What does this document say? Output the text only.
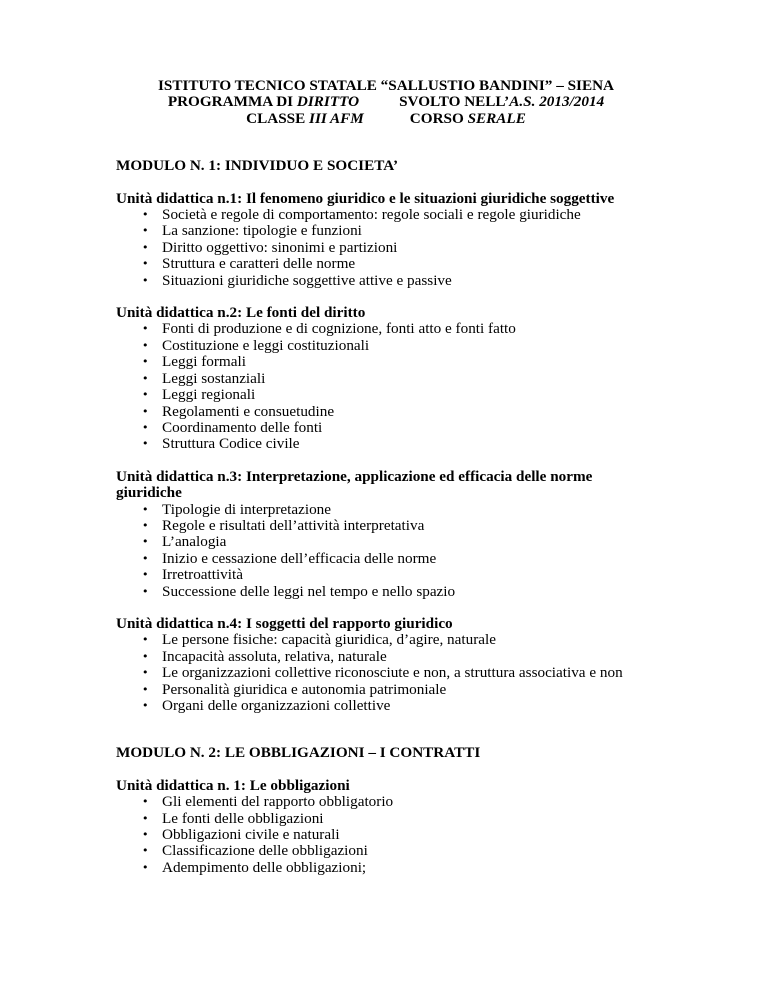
ISTITUTO TECNICO STATALE “SALLUSTIO BANDINI” – SIENA
PROGRAMMA DI DIRITTO	SVOLTO NELL’A.S. 2013/2014
CLASSE III AFM	CORSO SERALE

MODULO N. 1: INDIVIDUO E SOCIETA’

Unità didattica n.1: Il fenomeno giuridico e le situazioni giuridiche soggettive

• Società e regole di comportamento: regole sociali e regole giuridiche
• La sanzione: tipologie e funzioni
• Diritto oggettivo: sinonimi e partizioni
• Struttura e caratteri delle norme
• Situazioni giuridiche soggettive attive e passive

Unità didattica n.2: Le fonti del diritto

• Fonti di produzione e di cognizione, fonti atto e fonti fatto
• Costituzione e leggi costituzionali
• Leggi formali
• Leggi sostanziali
• Leggi regionali
• Regolamenti e consuetudine
• Coordinamento delle fonti
• Struttura Codice civile

Unità didattica n.3: Interpretazione, applicazione ed efficacia delle norme
giuridiche

• Tipologie di interpretazione
• Regole e risultati dell’attività interpretativa
• L’analogia
• Inizio e cessazione dell’efficacia delle norme
• Irretroattività
• Successione delle leggi nel tempo e nello spazio

Unità didattica n.4: I soggetti del rapporto giuridico

• Le persone fisiche: capacità giuridica, d’agire, naturale
• Incapacità assoluta, relativa, naturale
• Le organizzazioni collettive riconosciute e non, a struttura associativa e non
• Personalità giuridica e autonomia patrimoniale
• Organi delle organizzazioni collettive

MODULO N. 2: LE OBBLIGAZIONI – I CONTRATTI

Unità didattica n. 1: Le obbligazioni

• Gli elementi del rapporto obbligatorio
• Le fonti delle obbligazioni
• Obbligazioni civile e naturali
• Classificazione delle obbligazioni
• Adempimento delle obbligazioni;
